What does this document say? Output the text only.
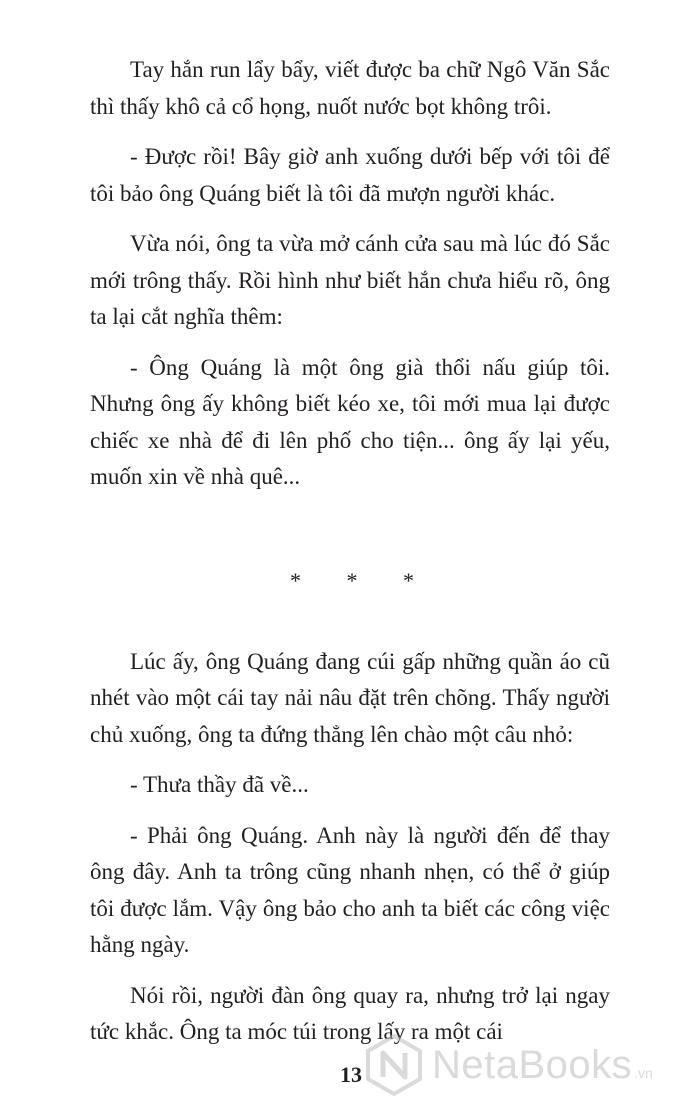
Tay hắn run lẩy bẩy, viết được ba chữ Ngô Văn Sắc thì thấy khô cả cổ họng, nuốt nước bọt không trôi.

- Được rồi! Bây giờ anh xuống dưới bếp với tôi để tôi bảo ông Quáng biết là tôi đã mượn người khác.

Vừa nói, ông ta vừa mở cánh cửa sau mà lúc đó Sắc mới trông thấy. Rồi hình như biết hắn chưa hiểu rõ, ông ta lại cắt nghĩa thêm:

- Ông Quáng là một ông già thổi nấu giúp tôi. Nhưng ông ấy không biết kéo xe, tôi mới mua lại được chiếc xe nhà để đi lên phố cho tiện... ông ấy lại yếu, muốn xin về nhà quê...

* * *

Lúc ấy, ông Quáng đang cúi gấp những quần áo cũ nhét vào một cái tay nải nâu đặt trên chõng. Thấy người chủ xuống, ông ta đứng thẳng lên chào một câu nhỏ:

- Thưa thầy đã về...

- Phải ông Quáng. Anh này là người đến để thay ông đây. Anh ta trông cũng nhanh nhẹn, có thể ở giúp tôi được lắm. Vậy ông bảo cho anh ta biết các công việc hằng ngày.

Nói rồi, người đàn ông quay ra, nhưng trở lại ngay tức khắc. Ông ta móc túi trong lấy ra một cái

NetaBooks .vn
13
